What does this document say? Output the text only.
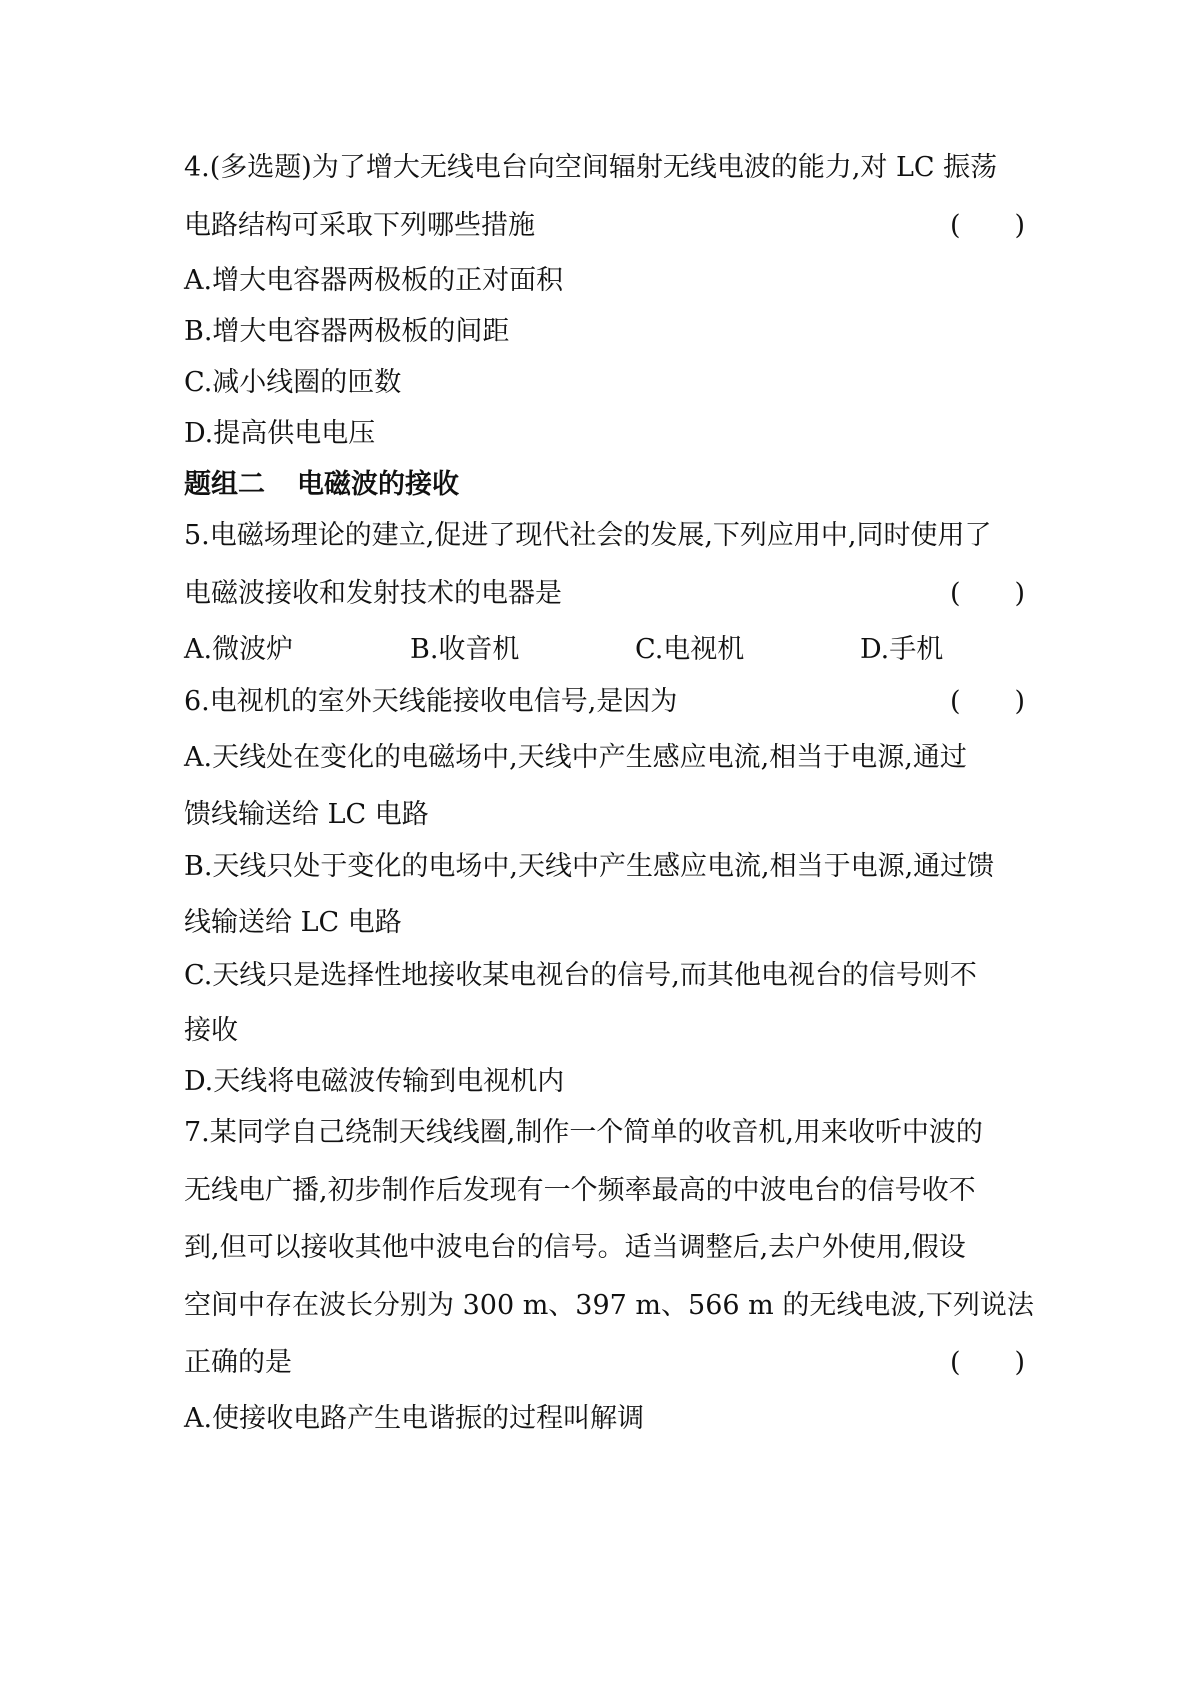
4.(多选题)为了增大无线电台向空间辐射无线电波的能力,对 LC 振荡
电路结构可采取下列哪些措施	(　　)
A.增大电容器两极板的正对面积
B.增大电容器两极板的间距
C.减小线圈的匝数
D.提高供电电压
题组二 电磁波的接收
5.电磁场理论的建立,促进了现代社会的发展,下列应用中,同时使用了
电磁波接收和发射技术的电器是	(　　)
A.微波炉	B.收音机	C.电视机	D.手机
6.电视机的室外天线能接收电信号,是因为	(　　)
A.天线处在变化的电磁场中,天线中产生感应电流,相当于电源,通过
馈线输送给 LC 电路
B.天线只处于变化的电场中,天线中产生感应电流,相当于电源,通过馈
线输送给 LC 电路
C.天线只是选择性地接收某电视台的信号,而其他电视台的信号则不
接收
D.天线将电磁波传输到电视机内
7.某同学自己绕制天线线圈,制作一个简单的收音机,用来收听中波的
无线电广播,初步制作后发现有一个频率最高的中波电台的信号收不
到,但可以接收其他中波电台的信号。适当调整后,去户外使用,假设
空间中存在波长分别为 300 m、397 m、566 m 的无线电波,下列说法
正确的是	(　　)
A.使接收电路产生电谐振的过程叫解调
